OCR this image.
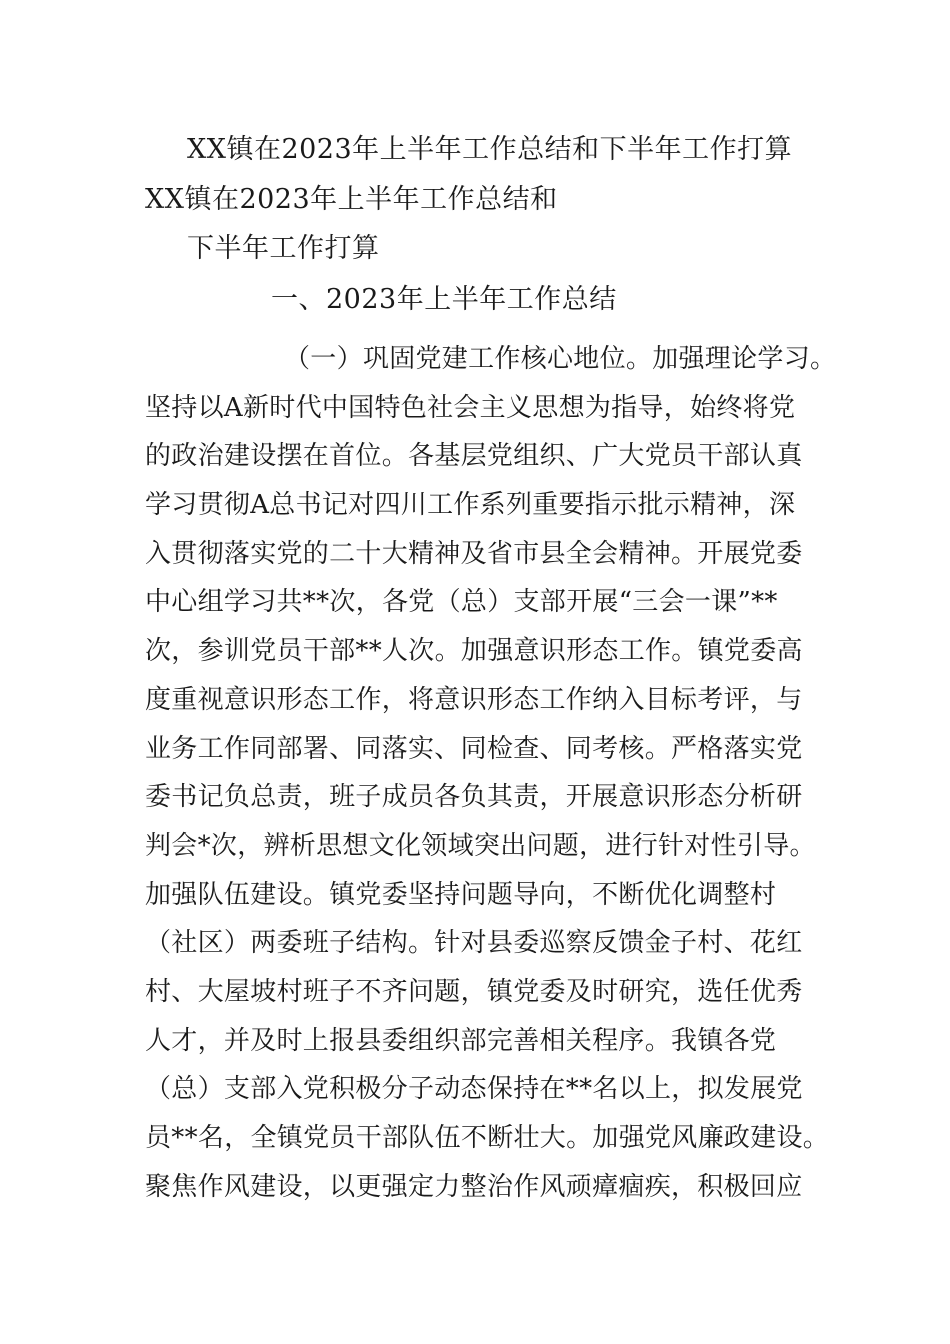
XX镇在2023年上半年工作总结和下半年工作打算
XX镇在2023年上半年工作总结和
下半年工作打算
一、2023年上半年工作总结
（一）巩固党建工作核心地位。加强理论学习。
坚持以A新时代中国特色社会主义思想为指导，始终将党
的政治建设摆在首位。各基层党组织、广大党员干部认真
学习贯彻A总书记对四川工作系列重要指示批示精神，深
入贯彻落实党的二十大精神及省市县全会精神。开展党委
中心组学习共**次，各党（总）支部开展“三会一课”**
次，参训党员干部**人次。加强意识形态工作。镇党委高
度重视意识形态工作，将意识形态工作纳入目标考评，与
业务工作同部署、同落实、同检查、同考核。严格落实党
委书记负总责，班子成员各负其责，开展意识形态分析研
判会*次，辨析思想文化领域突出问题，进行针对性引导。
加强队伍建设。镇党委坚持问题导向，不断优化调整村
（社区）两委班子结构。针对县委巡察反馈金子村、花红
村、大屋坡村班子不齐问题，镇党委及时研究，选任优秀
人才，并及时上报县委组织部完善相关程序。我镇各党
（总）支部入党积极分子动态保持在**名以上，拟发展党
员**名，全镇党员干部队伍不断壮大。加强党风廉政建设。
聚焦作风建设，以更强定力整治作风顽瘴痼疾，积极回应
